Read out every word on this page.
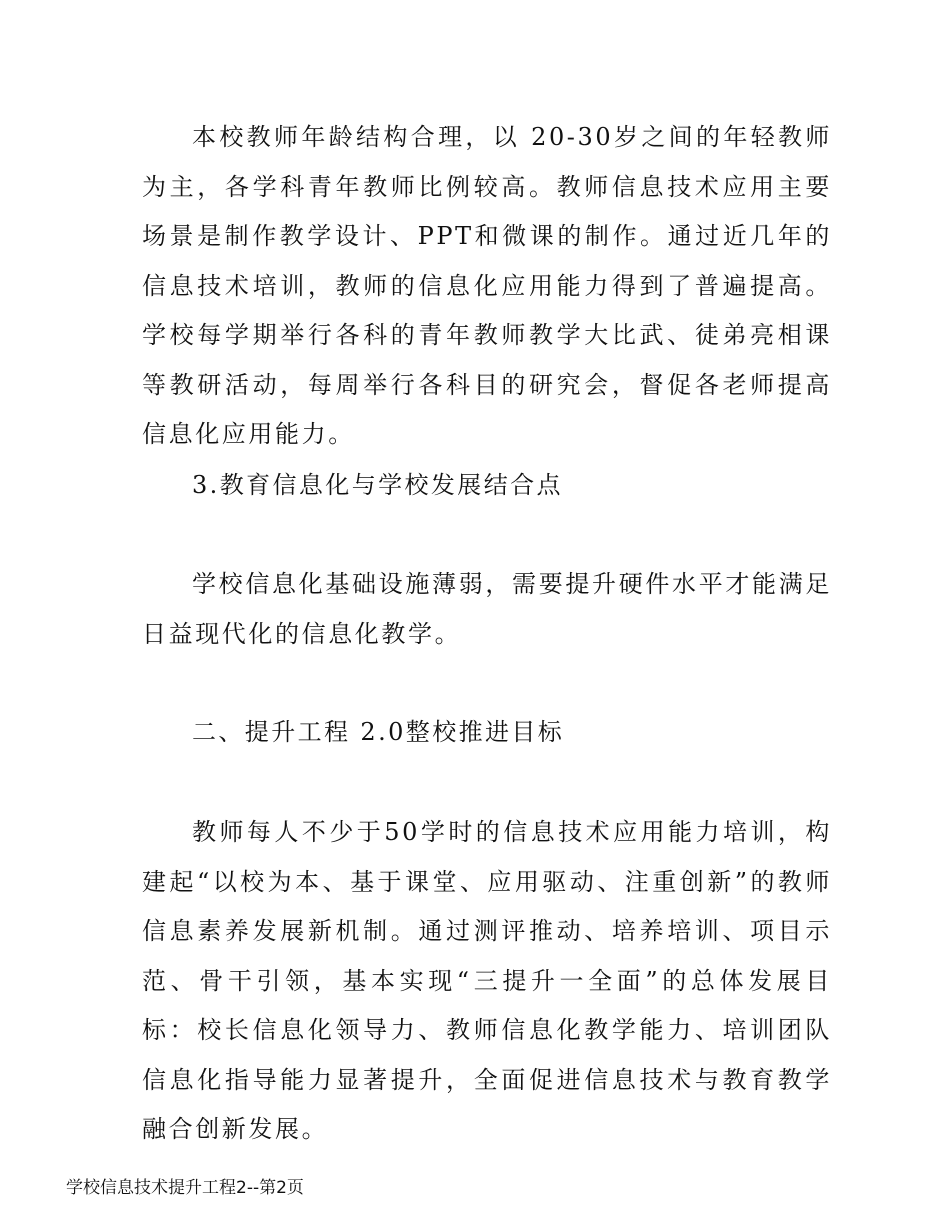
本校教师年龄结构合理，以 20-30岁之间的年轻教师为主，各学科青年教师比例较高。教师信息技术应用主要场景是制作教学设计、PPT和微课的制作。通过近几年的信息技术培训，教师的信息化应用能力得到了普遍提高。学校每学期举行各科的青年教师教学大比武、徒弟亮相课等教研活动，每周举行各科目的研究会，督促各老师提高信息化应用能力。

3.教育信息化与学校发展结合点

学校信息化基础设施薄弱，需要提升硬件水平才能满足日益现代化的信息化教学。

二、提升工程 2.0整校推进目标

教师每人不少于50学时的信息技术应用能力培训，构建起“以校为本、基于课堂、应用驱动、注重创新”的教师信息素养发展新机制。通过测评推动、培养培训、项目示范、骨干引领，基本实现“三提升一全面”的总体发展目标：校长信息化领导力、教师信息化教学能力、培训团队信息化指导能力显著提升，全面促进信息技术与教育教学融合创新发展。

学校信息技术提升工程2--第2页
